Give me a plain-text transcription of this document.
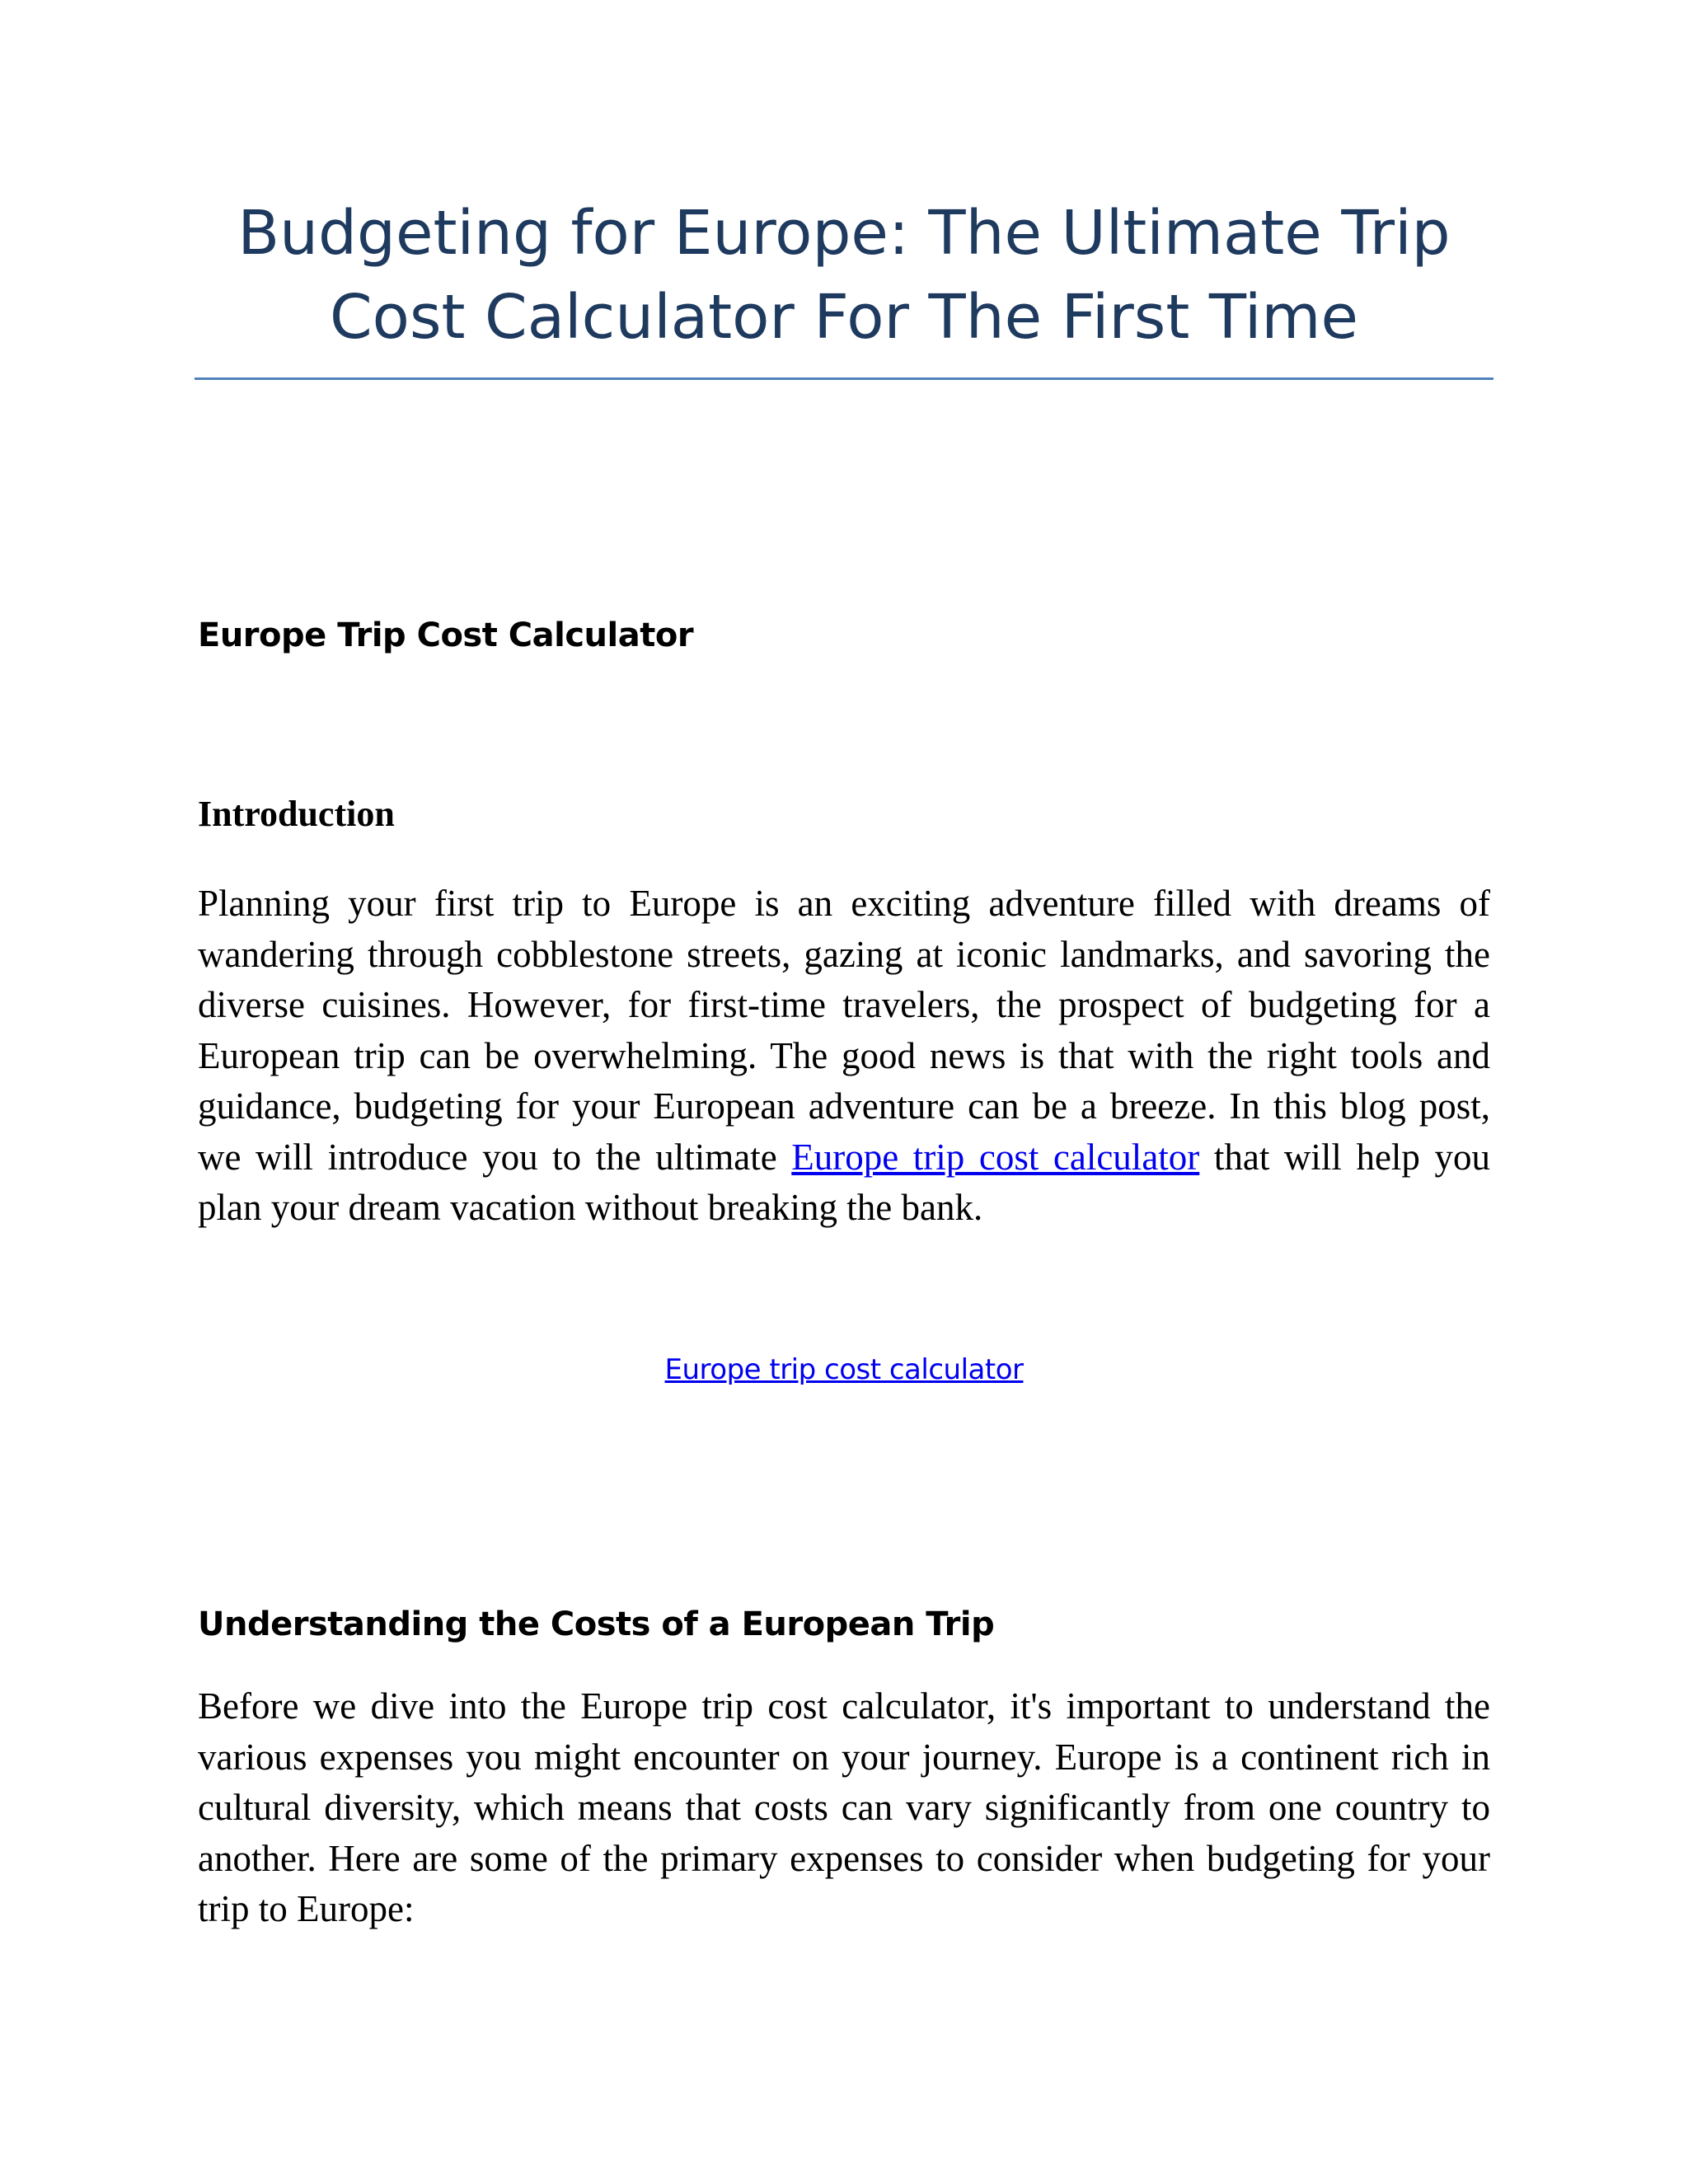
Budgeting for Europe: The Ultimate Trip Cost Calculator For The First Time
Europe Trip Cost Calculator
Introduction

Planning your first trip to Europe is an exciting adventure filled with dreams of wandering through cobblestone streets, gazing at iconic landmarks, and savoring the diverse cuisines. However, for first-time travelers, the prospect of budgeting for a European trip can be overwhelming. The good news is that with the right tools and guidance, budgeting for your European adventure can be a breeze. In this blog post, we will introduce you to the ultimate Europe trip cost calculator that will help you plan your dream vacation without breaking the bank.

Europe trip cost calculator
Understanding the Costs of a European Trip

Before we dive into the Europe trip cost calculator, it's important to understand the various expenses you might encounter on your journey. Europe is a continent rich in cultural diversity, which means that costs can vary significantly from one country to another. Here are some of the primary expenses to consider when budgeting for your trip to Europe:
